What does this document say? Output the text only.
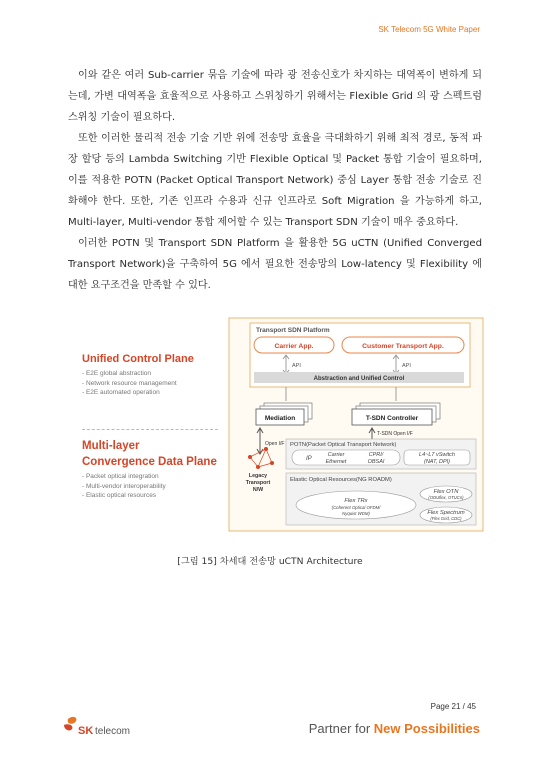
SK Telecom 5G White Paper

이와 같은 여러 Sub-carrier 묶음 기술에 따라 광 전송신호가 차지하는 대역폭이 변하게 되는데, 가변 대역폭을 효율적으로 사용하고 스위칭하기 위해서는 Flexible Grid 의 광 스펙트럼 스위칭 기술이 필요하다.

또한 이러한 물리적 전송 기술 기반 위에 전송망 효율을 극대화하기 위해 최적 경로, 동적 파장 할당 등의 Lambda Switching 기반 Flexible Optical 및 Packet 통합 기술이 필요하며, 이를 적용한 POTN (Packet Optical Transport Network) 중심 Layer 통합 전송 기술로 진화해야 한다. 또한, 기존 인프라 수용과 신규 인프라로 Soft Migration 을 가능하게 하고, Multi-layer, Multi-vendor 통합 제어할 수 있는 Transport SDN 기술이 매우 중요하다.

이러한 POTN 및 Transport SDN Platform 을 활용한 5G uCTN (Unified Converged Transport Network)을 구축하여 5G 에서 필요한 전송망의 Low-latency 및 Flexibility 에 대한 요구조건을 만족할 수 있다.

Unified Control Plane
- E2E global abstraction
- Network resource management
- E2E automated operation
Multi-layer
Convergence Data Plane
- Packet optical integration
- Multi-vendor interoperability
- Elastic optical resources
Transport SDN Platform
Carrier App.	Customer Transport App.
API	API
Abstraction and Unified Control
Mediation	T-SDN Controller
Open I/F
T-SDN Open I/F
POTN(Packet Optical Transport Network)
IP
Carrier
Ethernet
CPRI/
OBSAI
L4~L7 vSwitch
(NAT, DPI)
Legacy
Transport
N/W
Elastic Optical Resources(NG ROADM)
Flex OTN
(ODUflex, OTUCn)
Flex TRx
(Coherent Optical OFDM/
Nyquist WDM)	Flex Spectrum
(Flex Grid, CDC)
[그림 15] 차세대 전송망 uCTN Architecture
Page 21 / 45
SK telecom	Partner for New Possibilities
